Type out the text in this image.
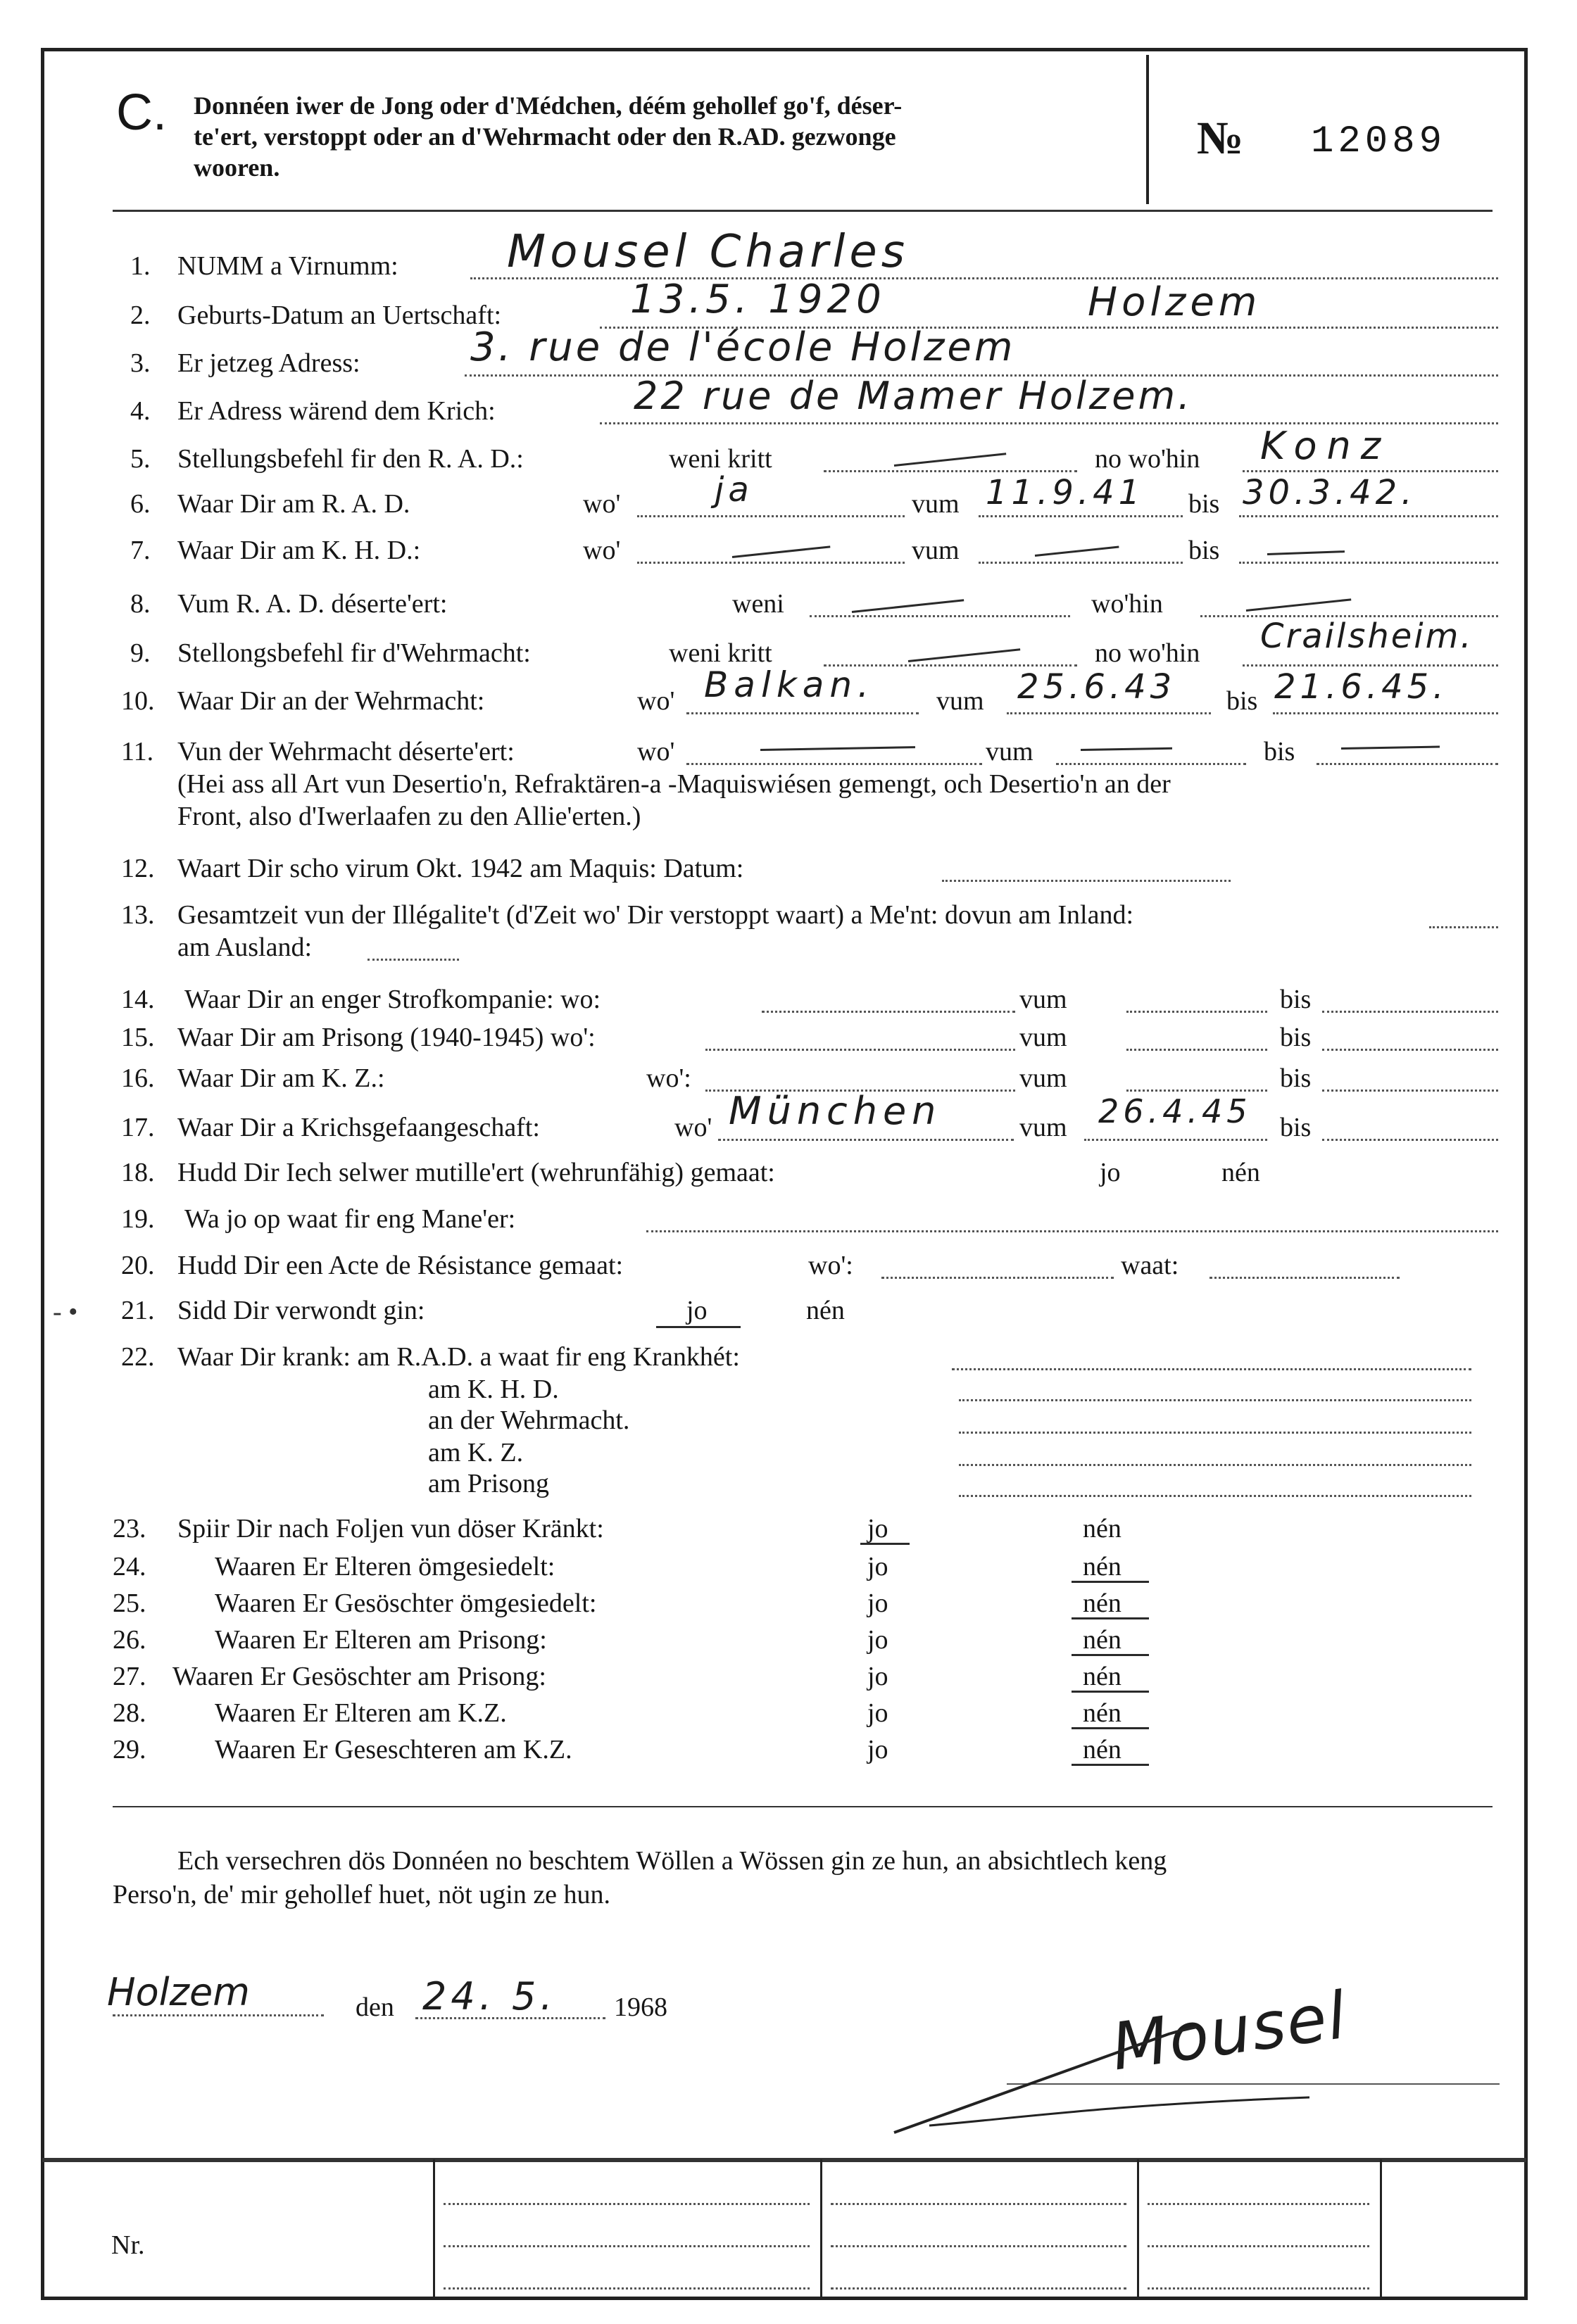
C. Donnéen iwer de Jong oder d'Médchen, déém gehollef go'f, déser-
te'ert, verstoppt oder an d'Wehrmacht oder den R.AD. gezwonge
wooren.
№ 12089
1. NUMM a Virnumm: Mousel Charles
2. Geburts-Datum an Uertschaft:	13.5. 1920	Holzem
3. Er jetzeg Adress:	3. rue de l'école Holzem
4. Er Adress wärend dem Krich:	22 rue de Mamer Holzem.
5. Stellungsbefehl fir den R. A. D.:	weni kritt	no wo'hin Konz
6. Waar Dir am R. A. D.	wo'	ja	vum 11.9.41 bis 30.3.42.
7. Waar Dir am K. H. D.:	wo'	vum	bis
8. Vum R. A. D. déserte'ert:	weni	wo'hin
9. Stellongsbefehl fir d'Wehrmacht:	weni kritt	no wo'hin Crailsheim.
10. Waar Dir an der Wehrmacht:	wo' Balkan. vum 25.6.43 bis 21.6.45.
11. Vun der Wehrmacht déserte'ert:	wo'	vum	bis
(Hei ass all Art vun Desertio'n, Refraktären-a -Maquiswiésen gemengt, och Desertio'n an der
Front, also d'Iwerlaafen zu den Allie'erten.)
12. Waart Dir scho virum Okt. 1942 am Maquis: Datum:
13. Gesamtzeit vun der Illégalite't (d'Zeit wo' Dir verstoppt waart) a Me'nt: dovun am Inland:
am Ausland:
14. Waar Dir an enger Strofkompanie: wo:	vum	bis
15. Waar Dir am Prisong (1940-1945) wo':	vum	bis
16. Waar Dir am K. Z.:	wo':	vum	bis
17. Waar Dir a Krichsgefaangeschaft:	wo' München	vum 26.4.45 bis
18. Hudd Dir Iech selwer mutille'ert (wehrunfähig) gemaat:	jo	nén
19. Wa jo op waat fir eng Mane'er:
20. Hudd Dir een Acte de Résistance gemaat:	wo':	waat:
- • 21. Sidd Dir verwondt gin:	jo	nén
22. Waar Dir krank: am R.A.D. a waat fir eng Krankhét:
am K. H. D.
an der Wehrmacht.
am K. Z.
am Prisong
23. Spiir Dir nach Foljen vun döser Kränkt:	jo	nén
24.	Waaren Er Elteren ömgesiedelt:	jo	nén
25.	Waaren Er Gesöschter ömgesiedelt:	jo	nén
26.	Waaren Er Elteren am Prisong:	jo	nén
27. Waaren Er Gesöschter am Prisong:	jo	nén
28.	Waaren Er Elteren am K.Z.	jo	nén
29.	Waaren Er Geseschteren am K.Z.	jo	nén
Ech versechren dös Donnéen no beschtem Wöllen a Wössen gin ze hun, an absichtlech keng
Perso'n, de' mir gehollef huet, nöt ugin ze hun.
Holzem	den 24. 5. 1968	Mousel
Nr.
